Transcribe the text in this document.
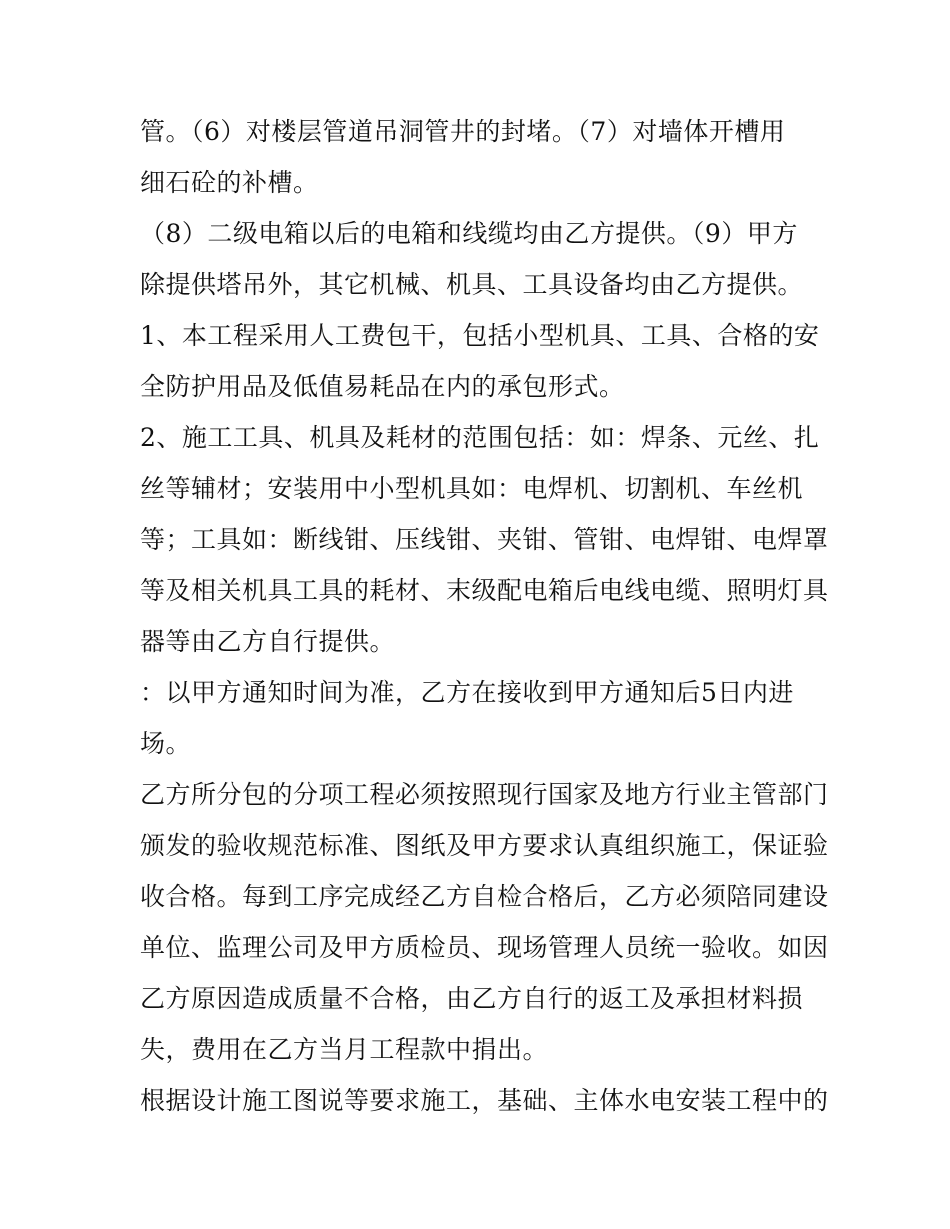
管。（6）对楼层管道吊洞管井的封堵。（7）对墙体开槽用
细石砼的补槽。
（8）二级电箱以后的电箱和线缆均由乙方提供。（9）甲方
除提供塔吊外，其它机械、机具、工具设备均由乙方提供。
1、本工程采用人工费包干，包括小型机具、工具、合格的安
全防护用品及低值易耗品在内的承包形式。
2、施工工具、机具及耗材的范围包括：如：焊条、元丝、扎
丝等辅材；安装用中小型机具如：电焊机、切割机、车丝机
等；工具如：断线钳、压线钳、夹钳、管钳、电焊钳、电焊罩
等及相关机具工具的耗材、末级配电箱后电线电缆、照明灯具
器等由乙方自行提供。
：以甲方通知时间为准，乙方在接收到甲方通知后5日内进
场。
乙方所分包的分项工程必须按照现行国家及地方行业主管部门
颁发的验收规范标准、图纸及甲方要求认真组织施工，保证验
收合格。每到工序完成经乙方自检合格后，乙方必须陪同建设
单位、监理公司及甲方质检员、现场管理人员统一验收。如因
乙方原因造成质量不合格，由乙方自行的返工及承担材料损
失，费用在乙方当月工程款中捐出。
根据设计施工图说等要求施工，基础、主体水电安装工程中的
